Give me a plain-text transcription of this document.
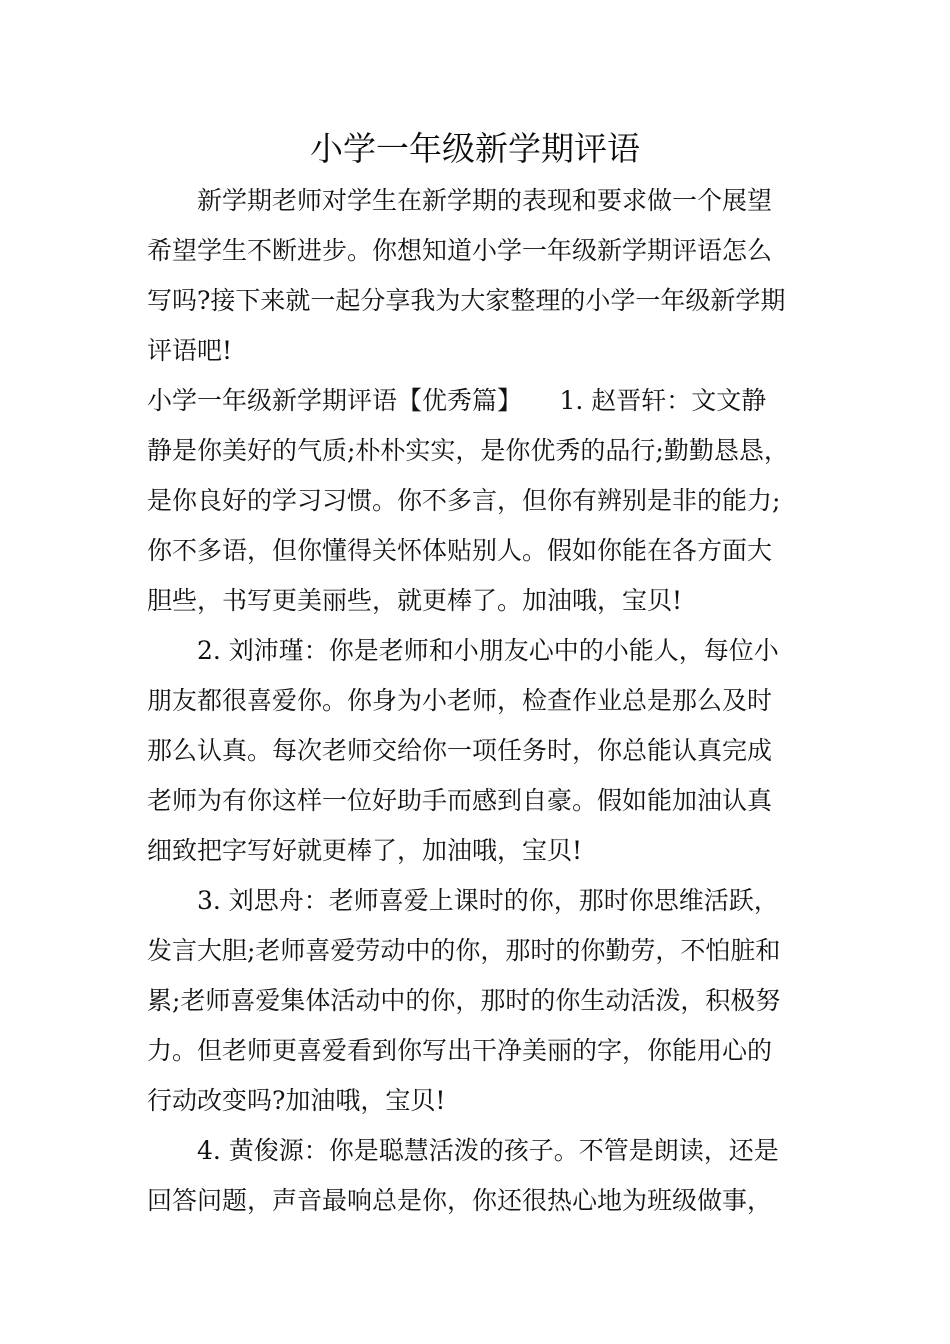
小学一年级新学期评语
新学期老师对学生在新学期的表现和要求做一个展望
希望学生不断进步。你想知道小学一年级新学期评语怎么
写吗?接下来就一起分享我为大家整理的小学一年级新学期
评语吧!
小学一年级新学期评语【优秀篇】　　1. 赵晋轩：文文静
静是你美好的气质;朴朴实实，是你优秀的品行;勤勤恳恳，
是你良好的学习习惯。你不多言，但你有辨别是非的能力;
你不多语，但你懂得关怀体贴别人。假如你能在各方面大
胆些，书写更美丽些，就更棒了。加油哦，宝贝!
2. 刘沛瑾：你是老师和小朋友心中的小能人，每位小
朋友都很喜爱你。你身为小老师，检查作业总是那么及时
那么认真。每次老师交给你一项任务时，你总能认真完成
老师为有你这样一位好助手而感到自豪。假如能加油认真
细致把字写好就更棒了，加油哦，宝贝!
3. 刘思舟：老师喜爱上课时的你，那时你思维活跃，
发言大胆;老师喜爱劳动中的你，那时的你勤劳，不怕脏和
累;老师喜爱集体活动中的你，那时的你生动活泼，积极努
力。但老师更喜爱看到你写出干净美丽的字，你能用心的
行动改变吗?加油哦，宝贝!
4. 黄俊源：你是聪慧活泼的孩子。不管是朗读，还是
回答问题，声音最响总是你，你还很热心地为班级做事，
